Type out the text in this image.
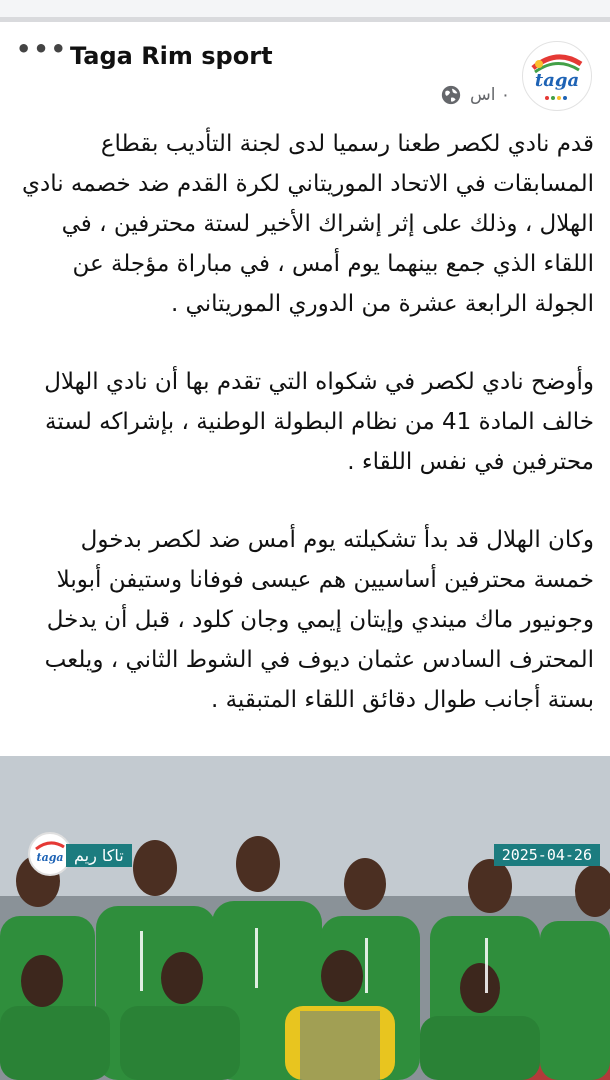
••• Taga Rim sport
taga
٠ اس

قدم نادي لكصر طعنا رسميا لدى لجنة التأديب بقطاع المسابقات في الاتحاد الموريتاني لكرة القدم ضد خصمه نادي الهلال ، وذلك على إثر إشراك الأخير لستة محترفين ، في اللقاء الذي جمع بينهما يوم أمس ، في مباراة مؤجلة عن الجولة الرابعة عشرة من الدوري الموريتاني .

وأوضح نادي لكصر في شكواه التي تقدم بها أن نادي الهلال خالف المادة 41 من نظام البطولة الوطنية ، بإشراكه لستة محترفين في نفس اللقاء .

وكان الهلال قد بدأ تشكيلته يوم أمس ضد لكصر بدخول خمسة محترفين أساسيين هم عيسى فوفانا وستيفن أبوبلا وجونيور ماك ميندي وإيتان إيمي وجان كلود ، قبل أن يدخل المحترف السادس عثمان ديوف في الشوط الثاني ، ويلعب بستة أجانب طوال دقائق اللقاء المتبقية .

taga تاكا ريم	2025-04-26
